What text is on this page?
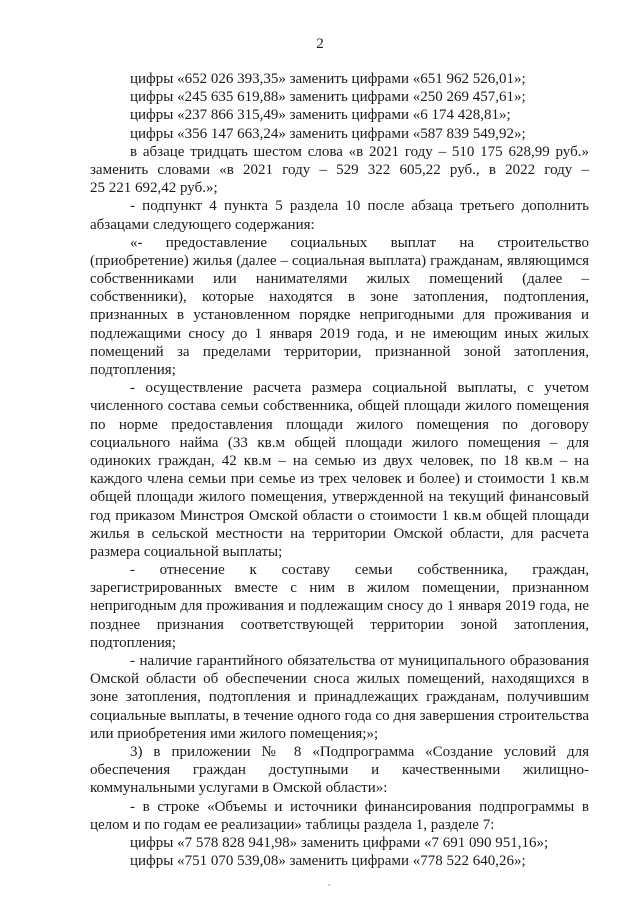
2
цифры «652 026 393,35» заменить цифрами «651 962 526,01»;
цифры «245 635 619,88» заменить цифрами «250 269 457,61»;
цифры «237 866 315,49» заменить цифрами «6 174 428,81»;
цифры «356 147 663,24» заменить цифрами «587 839 549,92»;
в абзаце тридцать шестом слова «в 2021 году – 510 175 628,99 руб.»
заменить словами «в 2021 году – 529 322 605,22 руб., в 2022 году –
25 221 692,42 руб.»;
- подпункт 4 пункта 5 раздела 10 после абзаца третьего дополнить
абзацами следующего содержания:
«- предоставление социальных выплат на строительство
(приобретение) жилья (далее – социальная выплата) гражданам, являющимся
собственниками или нанимателями жилых помещений (далее –
собственники), которые находятся в зоне затопления, подтопления,
признанных в установленном порядке непригодными для проживания и
подлежащими сносу до 1 января 2019 года, и не имеющим иных жилых
помещений за пределами территории, признанной зоной затопления,
подтопления;
- осуществление расчета размера социальной выплаты, с учетом
численного состава семьи собственника, общей площади жилого помещения
по норме предоставления площади жилого помещения по договору
социального найма (33 кв.м общей площади жилого помещения – для
одиноких граждан, 42 кв.м – на семью из двух человек, по 18 кв.м – на
каждого члена семьи при семье из трех человек и более) и стоимости 1 кв.м
общей площади жилого помещения, утвержденной на текущий финансовый
год приказом Минстроя Омской области о стоимости 1 кв.м общей площади
жилья в сельской местности на территории Омской области, для расчета
размера социальной выплаты;
- отнесение к составу семьи собственника, граждан,
зарегистрированных вместе с ним в жилом помещении, признанном
непригодным для проживания и подлежащим сносу до 1 января 2019 года, не
позднее признания соответствующей территории зоной затопления,
подтопления;
- наличие гарантийного обязательства от муниципального образования
Омской области об обеспечении сноса жилых помещений, находящихся в
зоне затопления, подтопления и принадлежащих гражданам, получившим
социальные выплаты, в течение одного года со дня завершения строительства
или приобретения ими жилого помещения;»;
3) в приложении № 8 «Подпрограмма «Создание условий для
обеспечения граждан доступными и качественными жилищно-
коммунальными услугами в Омской области»:
- в строке «Объемы и источники финансирования подпрограммы в
целом и по годам ее реализации» таблицы раздела 1, разделе 7:
цифры «7 578 828 941,98» заменить цифрами «7 691 090 951,16»;
цифры «751 070 539,08» заменить цифрами «778 522 640,26»;
